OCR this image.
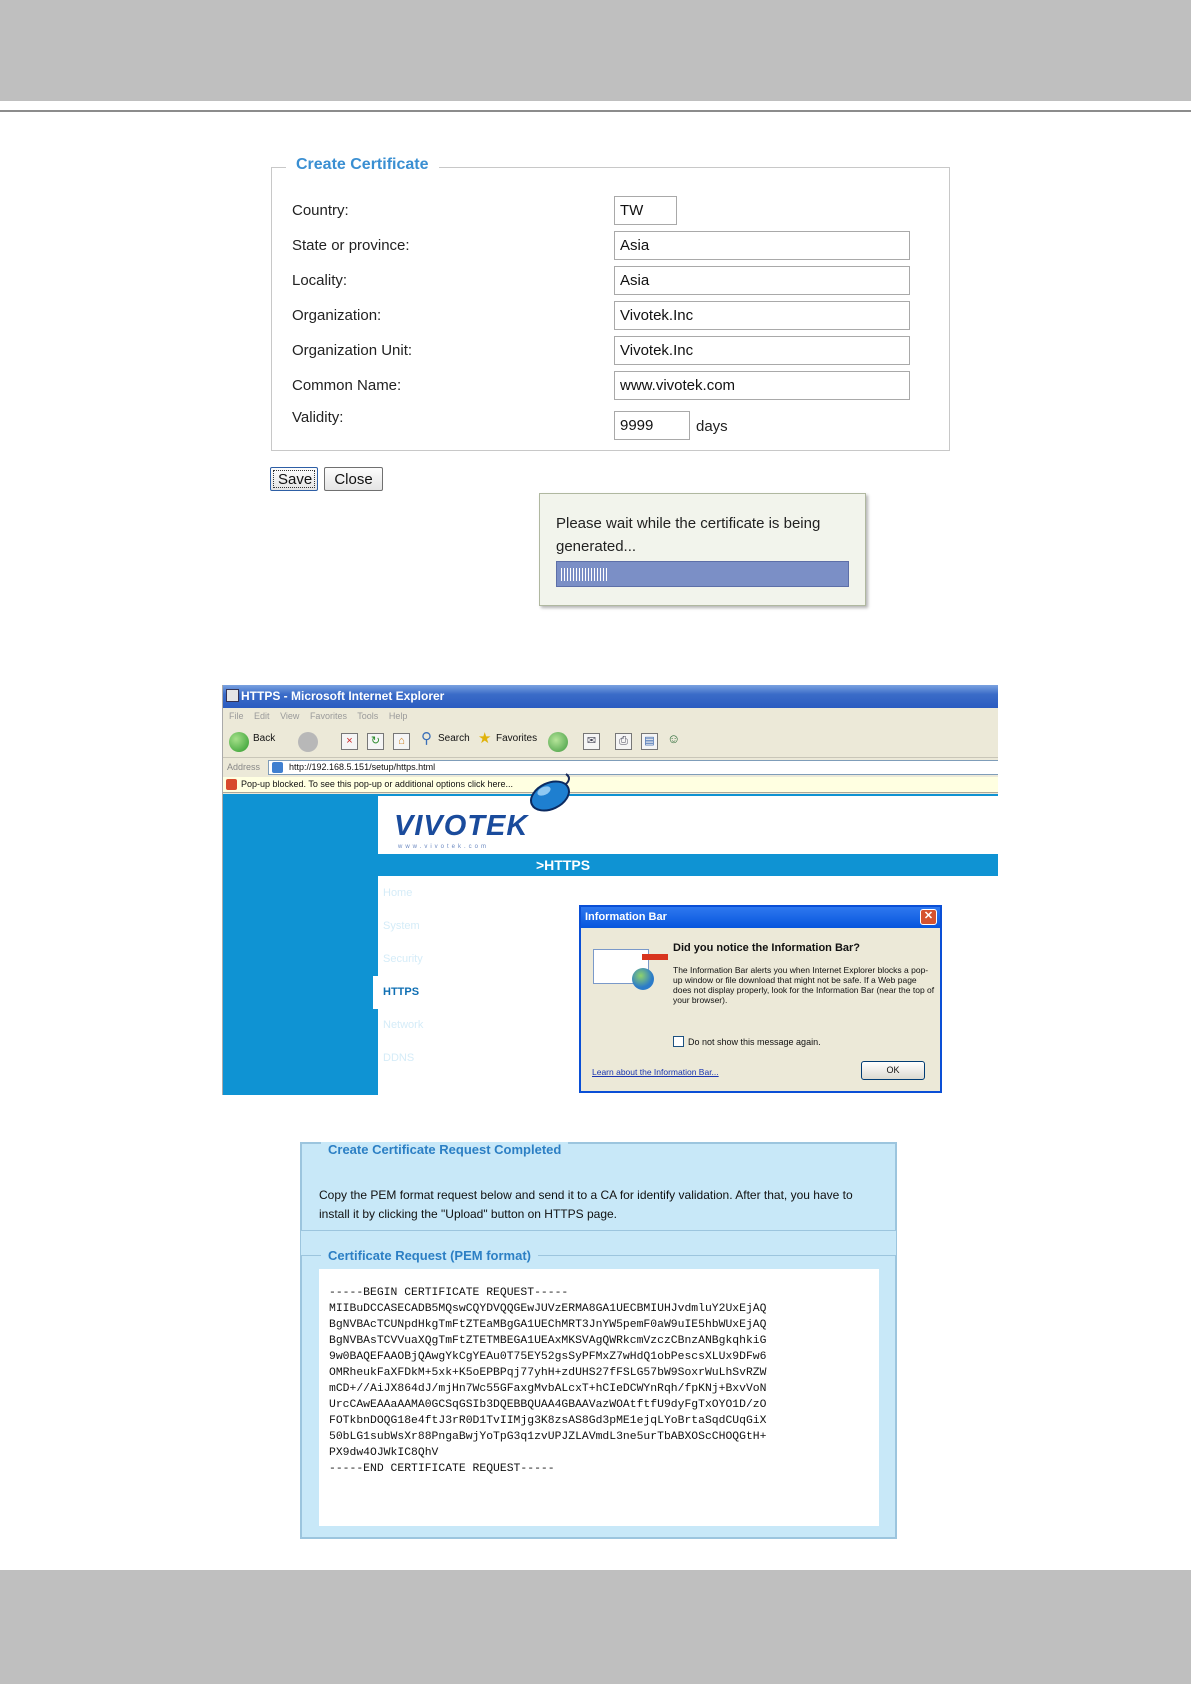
Create Certificate
Country:
TW
State or province:
Asia
Locality:
Asia
Organization:
Vivotek.Inc
Organization Unit:
Vivotek.Inc
Common Name:
www.vivotek.com
Validity:
9999
days
Save	Close
Please wait while the certificate is being generated...
HTTPS - Microsoft Internet Explorer
File Edit View Favorites Tools Help
Back	×	↻	⌂	⚲ Search ★ Favorites	✉	⎙	▤ ☺
Address	http://192.168.5.151/setup/https.html
Pop-up blocked. To see this pop-up or additional options click here...
VIVOTEK
www.vivotek.com
>HTTPS
Home
System
Security
HTTPS
Network
DDNS
Information Bar	✕
Did you notice the Information Bar?
The Information Bar alerts you when Internet Explorer blocks a pop-up window or file download that might not be safe. If a Web page does not display properly, look for the Information Bar (near the top of your browser).
Do not show this message again.
Learn about the Information Bar...	OK
Create Certificate Request Completed
Copy the PEM format request below and send it to a CA for identify validation. After that, you have to install it by clicking the "Upload" button on HTTPS page.
Certificate Request (PEM format)
-----BEGIN CERTIFICATE REQUEST-----
MIIBuDCCASECADB5MQswCQYDVQQGEwJUVzERMA8GA1UECBMIUHJvdmluY2UxEjAQ
BgNVBAcTCUNpdHkgTmFtZTEaMBgGA1UEChMRT3JnYW5pemF0aW9uIE5hbWUxEjAQ
BgNVBAsTCVVuaXQgTmFtZTETMBEGA1UEAxMKSVAgQWRkcmVzczCBnzANBgkqhkiG
9w0BAQEFAAOBjQAwgYkCgYEAu0T75EY52gsSyPFMxZ7wHdQ1obPescsXLUx9DFw6
OMRheukFaXFDkM+5xk+K5oEPBPqj77yhH+zdUHS27fFSLG57bW9SoxrWuLhSvRZW
mCD+//AiJX864dJ/mjHn7Wc55GFaxgMvbALcxT+hCIeDCWYnRqh/fpKNj+BxvVoN
UrcCAwEAAaAAMA0GCSqGSIb3DQEBBQUAA4GBAAVazWOAtftfU9dyFgTxOYO1D/zO
FOTkbnDOQG18e4ftJ3rR0D1TvIIMjg3K8zsAS8Gd3pME1ejqLYoBrtaSqdCUqGiX
50bLG1subWsXr88PngaBwjYoTpG3q1zvUPJZLAVmdL3ne5urTbABXOScCHOQGtH+
PX9dw4OJWkIC8QhV
-----END CERTIFICATE REQUEST-----
